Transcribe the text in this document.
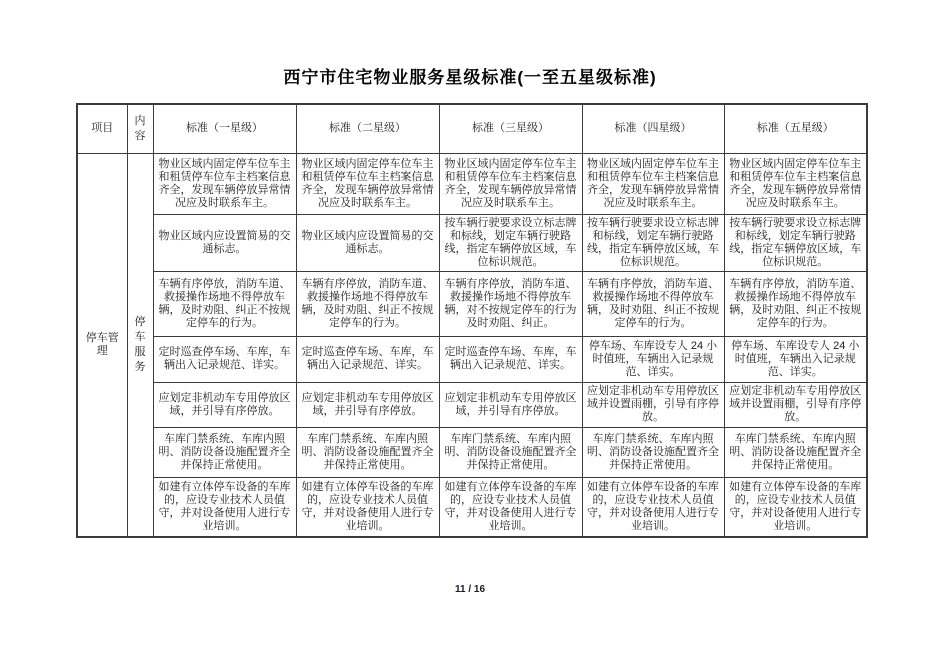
西宁市住宅物业服务星级标准(一至五星级标准)
项目	内容	标准（一星级）	标准（二星级）	标准（三星级）	标准（四星级）	标准（五星级）
停车管理	停车服务	物业区域内固定停车位车主和租赁停车位车主档案信息齐全，发现车辆停放异常情况应及时联系车主。	物业区域内固定停车位车主和租赁停车位车主档案信息齐全，发现车辆停放异常情况应及时联系车主。	物业区域内固定停车位车主和租赁停车位车主档案信息齐全，发现车辆停放异常情况应及时联系车主。	物业区域内固定停车位车主和租赁停车位车主档案信息齐全，发现车辆停放异常情况应及时联系车主。	物业区域内固定停车位车主和租赁停车位车主档案信息齐全，发现车辆停放异常情况应及时联系车主。
		物业区域内应设置简易的交通标志。	物业区域内应设置简易的交通标志。	按车辆行驶要求设立标志牌和标线，划定车辆行驶路线，指定车辆停放区域，车位标识规范。	按车辆行驶要求设立标志牌和标线，划定车辆行驶路线，指定车辆停放区域，车位标识规范。	按车辆行驶要求设立标志牌和标线，划定车辆行驶路线，指定车辆停放区域，车位标识规范。
		车辆有序停放，消防车道、救援操作场地不得停放车辆，及时劝阻、纠正不按规定停车的行为。	车辆有序停放，消防车道、救援操作场地不得停放车辆，及时劝阻、纠正不按规定停车的行为。	车辆有序停放，消防车道、救援操作场地不得停放车辆，对不按规定停车的行为及时劝阻、纠正。	车辆有序停放，消防车道、救援操作场地不得停放车辆，及时劝阻、纠正不按规定停车的行为。	车辆有序停放，消防车道、救援操作场地不得停放车辆，及时劝阻、纠正不按规定停车的行为。
		定时巡查停车场、车库，车辆出入记录规范、详实。	定时巡查停车场、车库，车辆出入记录规范、详实。	定时巡查停车场、车库，车辆出入记录规范、详实。	停车场、车库设专人 24 小时值班，车辆出入记录规范、详实。	停车场、车库设专人 24 小时值班，车辆出入记录规范、详实。
		应划定非机动车专用停放区域，并引导有序停放。	应划定非机动车专用停放区域，并引导有序停放。	应划定非机动车专用停放区域，并引导有序停放。	应划定非机动车专用停放区域并设置雨棚，引导有序停放。	应划定非机动车专用停放区域并设置雨棚，引导有序停放。
		车库门禁系统、车库内照明、消防设备设施配置齐全并保持正常使用。	车库门禁系统、车库内照明、消防设备设施配置齐全并保持正常使用。	车库门禁系统、车库内照明、消防设备设施配置齐全并保持正常使用。	车库门禁系统、车库内照明、消防设备设施配置齐全并保持正常使用。	车库门禁系统、车库内照明、消防设备设施配置齐全并保持正常使用。
		如建有立体停车设备的车库的，应设专业技术人员值守，并对设备使用人进行专业培训。	如建有立体停车设备的车库的，应设专业技术人员值守，并对设备使用人进行专业培训。	如建有立体停车设备的车库的，应设专业技术人员值守，并对设备使用人进行专业培训。	如建有立体停车设备的车库的，应设专业技术人员值守，并对设备使用人进行专业培训。	如建有立体停车设备的车库的，应设专业技术人员值守，并对设备使用人进行专业培训。
11 / 16
